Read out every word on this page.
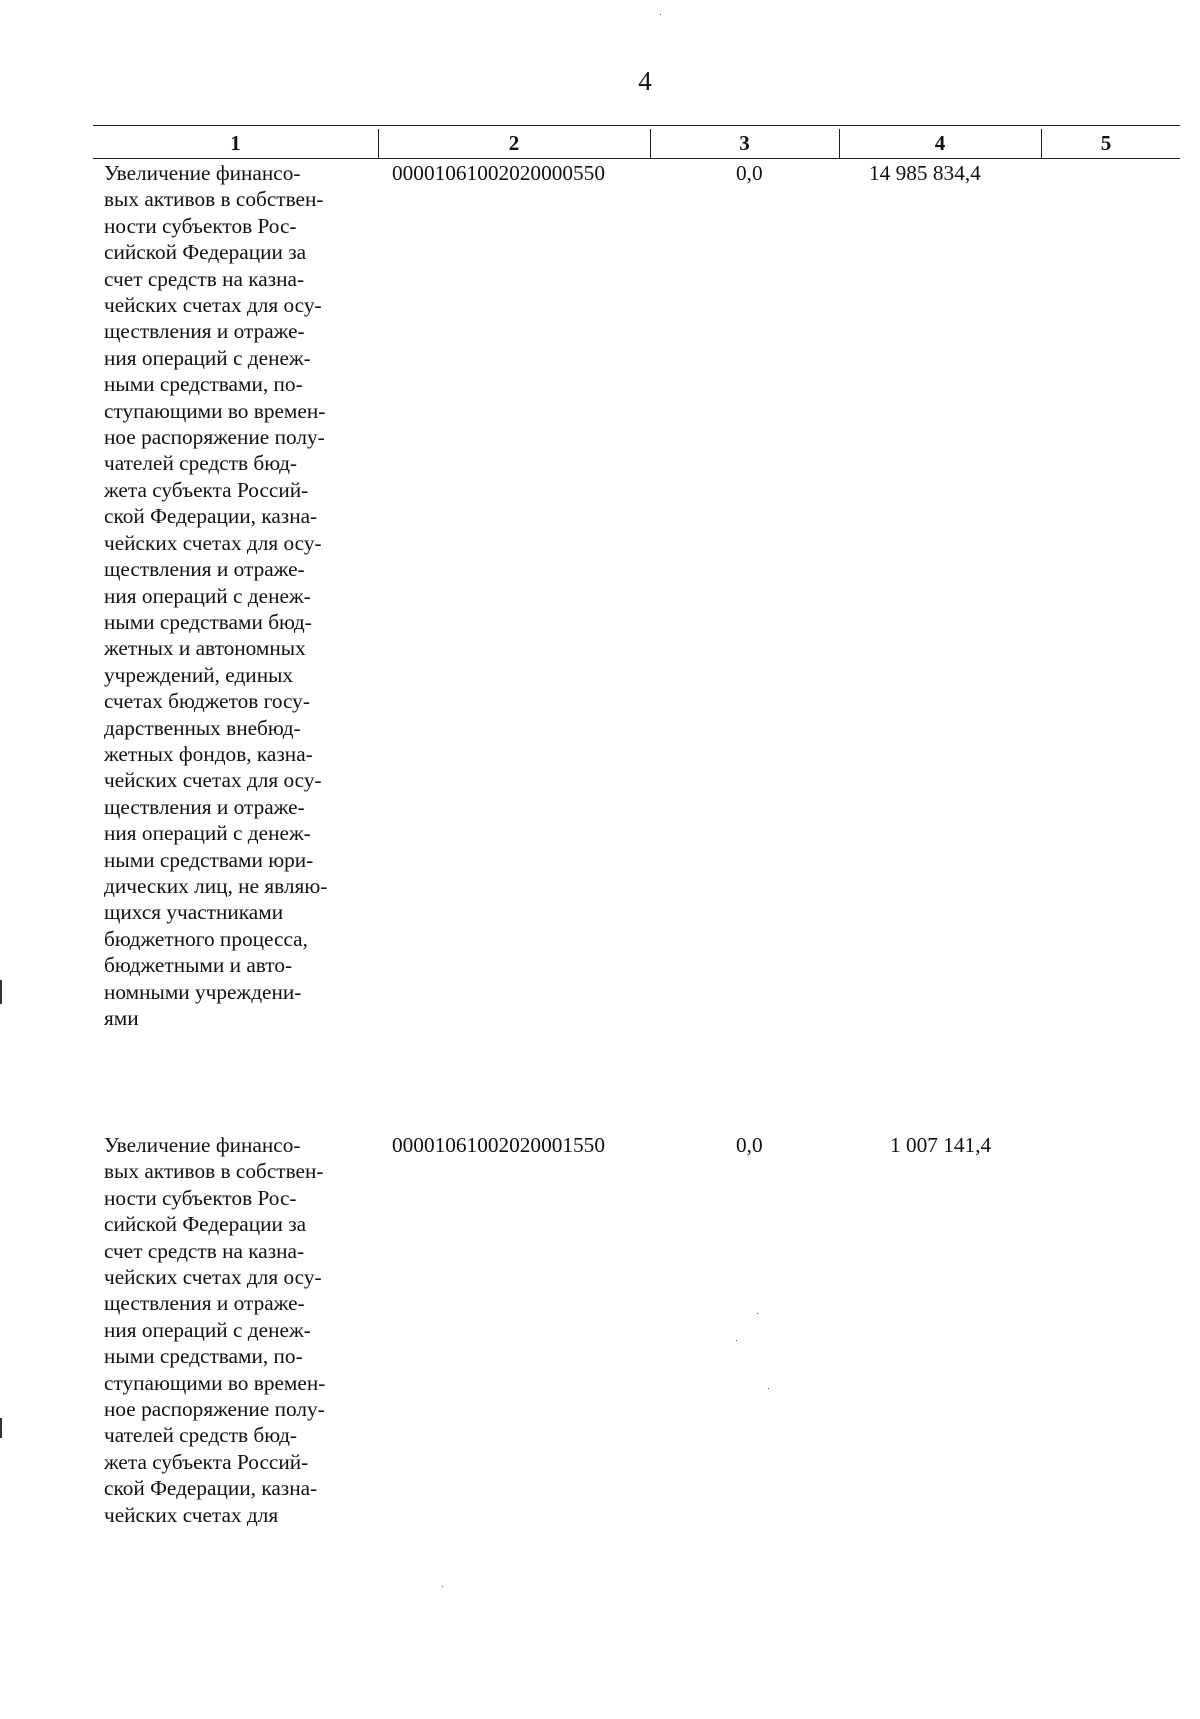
4
1	2	3	4	5
Увеличение финансо-
вых активов в собствен-
ности субъектов Рос-
сийской Федерации за
счет средств на казна-
чейских счетах для осу-
ществления и отраже-
ния операций с денеж-
ными средствами, по-
ступающими во времен-
ное распоряжение полу-
чателей средств бюд-
жета субъекта Россий-
ской Федерации, казна-
чейских счетах для осу-
ществления и отраже-
ния операций с денеж-
ными средствами бюд-
жетных и автономных
учреждений, единых
счетах бюджетов госу-
дарственных внебюд-
жетных фондов, казна-
чейских счетах для осу-
ществления и отраже-
ния операций с денеж-
ными средствами юри-
дических лиц, не являю-
щихся участниками
бюджетного процесса,
бюджетными и авто-
номными учреждени-
ями
00001061002020000550	0,0	14 985 834,4
Увеличение финансо-
вых активов в собствен-
ности субъектов Рос-
сийской Федерации за
счет средств на казна-
чейских счетах для осу-
ществления и отраже-
ния операций с денеж-
ными средствами, по-
ступающими во времен-
ное распоряжение полу-
чателей средств бюд-
жета субъекта Россий-
ской Федерации, казна-
чейских счетах для
00001061002020001550	0,0	1 007 141,4
